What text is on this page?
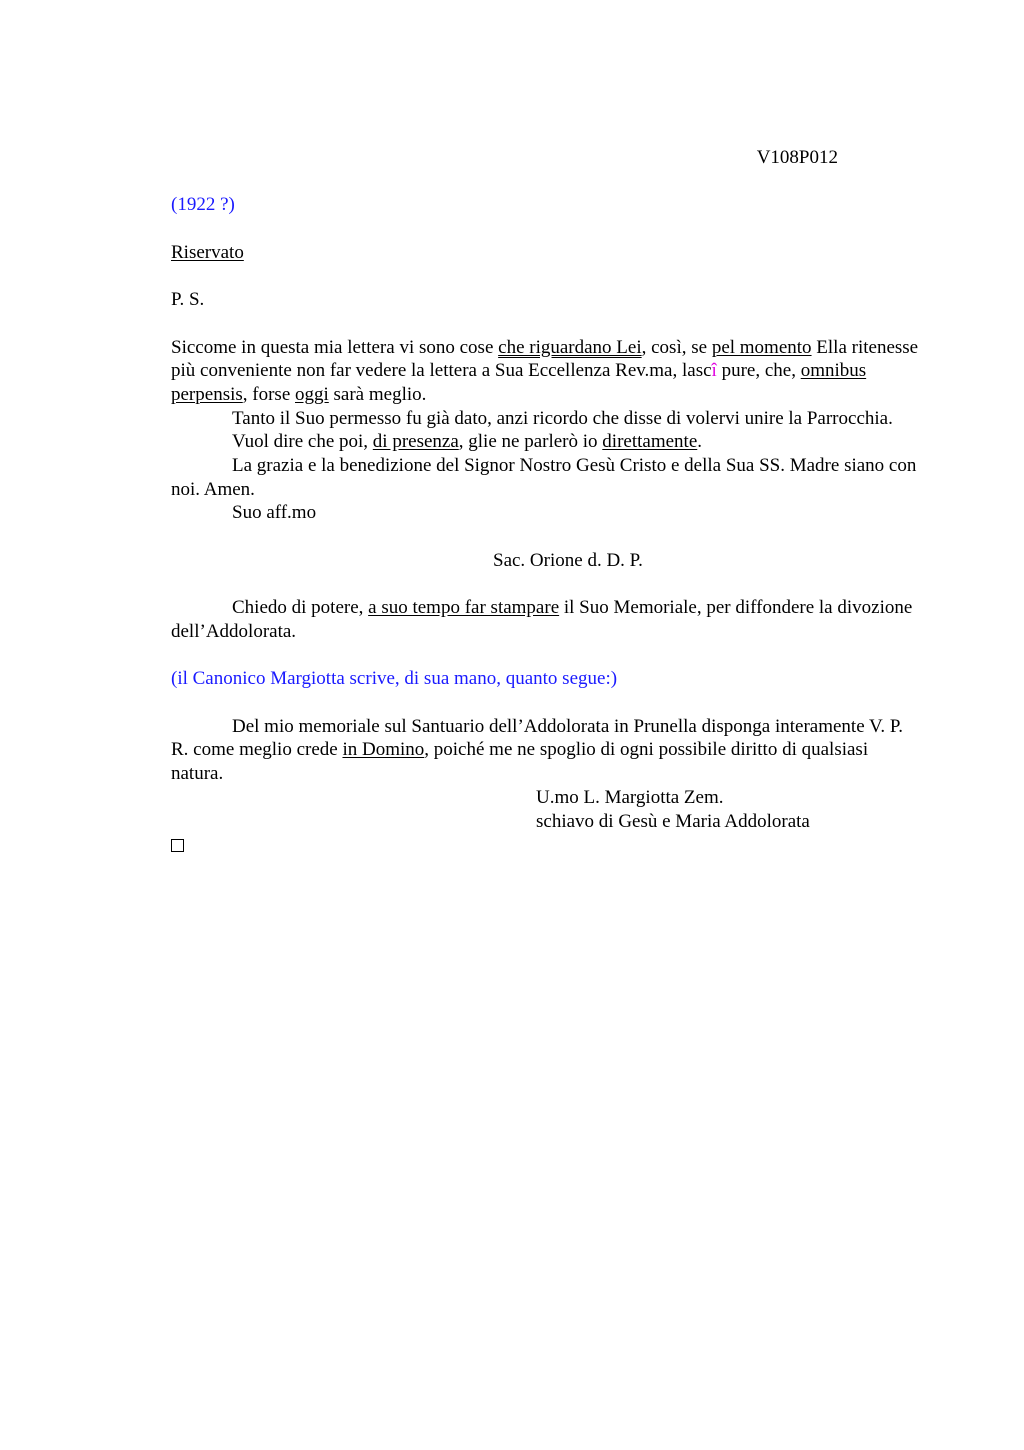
V108P012

(1922 ?)

Riservato

P. S.

Siccome in questa mia lettera vi sono cose che riguardano Lei, così, se pel momento Ella ritenesse più conveniente non far vedere la lettera a Sua Eccellenza Rev.ma, lascî pure, che, omnibus perpensis, forse oggi sarà meglio.

Tanto il Suo permesso fu già dato, anzi ricordo che disse di volervi unire la Parrocchia.

Vuol dire che poi, di presenza, glie ne parlerò io direttamente.

La grazia e la benedizione del Signor Nostro Gesù Cristo e della Sua SS. Madre siano con noi. Amen.

Suo aff.mo

Sac. Orione d. D. P.

Chiedo di potere, a suo tempo far stampare il Suo Memoriale, per diffondere la divozione dell’Addolorata.

(il Canonico Margiotta scrive, di sua mano, quanto segue:)

Del mio memoriale sul Santuario dell’Addolorata in Prunella disponga interamente V. P. R. come meglio crede in Domino, poiché me ne spoglio di ogni possibile diritto di qualsiasi natura.

U.mo L. Margiotta Zem.

schiavo di Gesù e Maria Addolorata
